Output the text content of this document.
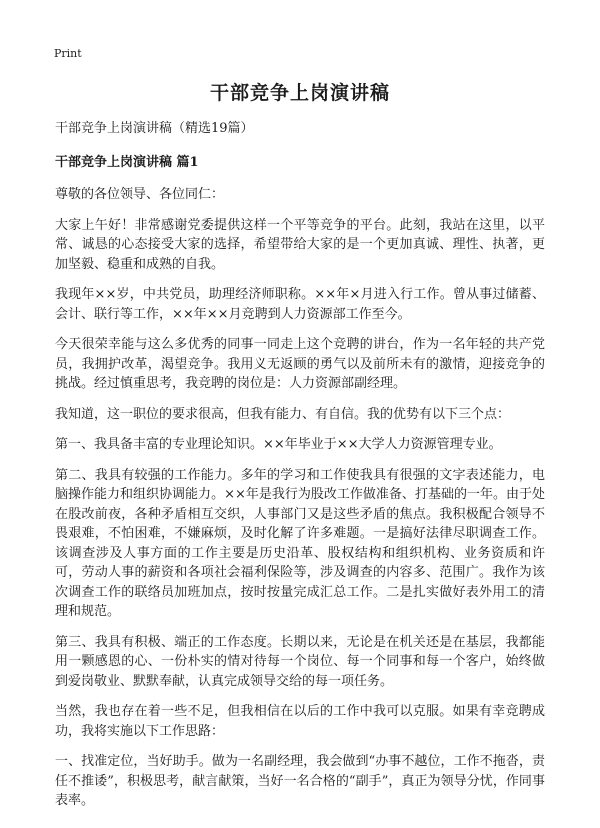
Print
干部竞争上岗演讲稿

干部竞争上岗演讲稿（精选19篇）

干部竞争上岗演讲稿 篇1

尊敬的各位领导、各位同仁：

大家上午好！非常感谢党委提供这样一个平等竞争的平台。此刻，我站在这里，以平常、诚恳的心态接受大家的选择，希望带给大家的是一个更加真诚、理性、执著，更加坚毅、稳重和成熟的自我。

我现年××岁，中共党员，助理经济师职称。××年×月进入行工作。曾从事过储蓄、会计、联行等工作，××年××月竞聘到人力资源部工作至今。

今天很荣幸能与这么多优秀的同事一同走上这个竞聘的讲台，作为一名年轻的共产党员，我拥护改革，渴望竞争。我用义无返顾的勇气以及前所未有的激情，迎接竞争的挑战。经过慎重思考，我竞聘的岗位是：人力资源部副经理。

我知道，这一职位的要求很高，但我有能力、有自信。我的优势有以下三个点：

第一、我具备丰富的专业理论知识。××年毕业于××大学人力资源管理专业。

第二、我具有较强的工作能力。多年的学习和工作使我具有很强的文字表述能力，电脑操作能力和组织协调能力。××年是我行为股改工作做准备、打基础的一年。由于处在股改前夜，各种矛盾相互交织，人事部门又是这些矛盾的焦点。我积极配合领导不畏艰难，不怕困难，不嫌麻烦，及时化解了许多难题。一是搞好法律尽职调查工作。该调查涉及人事方面的工作主要是历史沿革、股权结构和组织机构、业务资质和许可，劳动人事的薪资和各项社会福利保险等，涉及调查的内容多、范围广。我作为该次调查工作的联络员加班加点，按时按量完成汇总工作。二是扎实做好表外用工的清理和规范。

第三、我具有积极、端正的工作态度。长期以来，无论是在机关还是在基层，我都能用一颗感恩的心、一份朴实的情对待每一个岗位、每一个同事和每一个客户，始终做到爱岗敬业、默默奉献，认真完成领导交给的每一项任务。

当然，我也存在着一些不足，但我相信在以后的工作中我可以克服。如果有幸竞聘成功，我将实施以下工作思路：

一、找准定位，当好助手。做为一名副经理，我会做到“办事不越位，工作不拖沓，责任不推诿”，积极思考，献言献策，当好一名合格的“副手”，真正为领导分忧，作同事表率。
